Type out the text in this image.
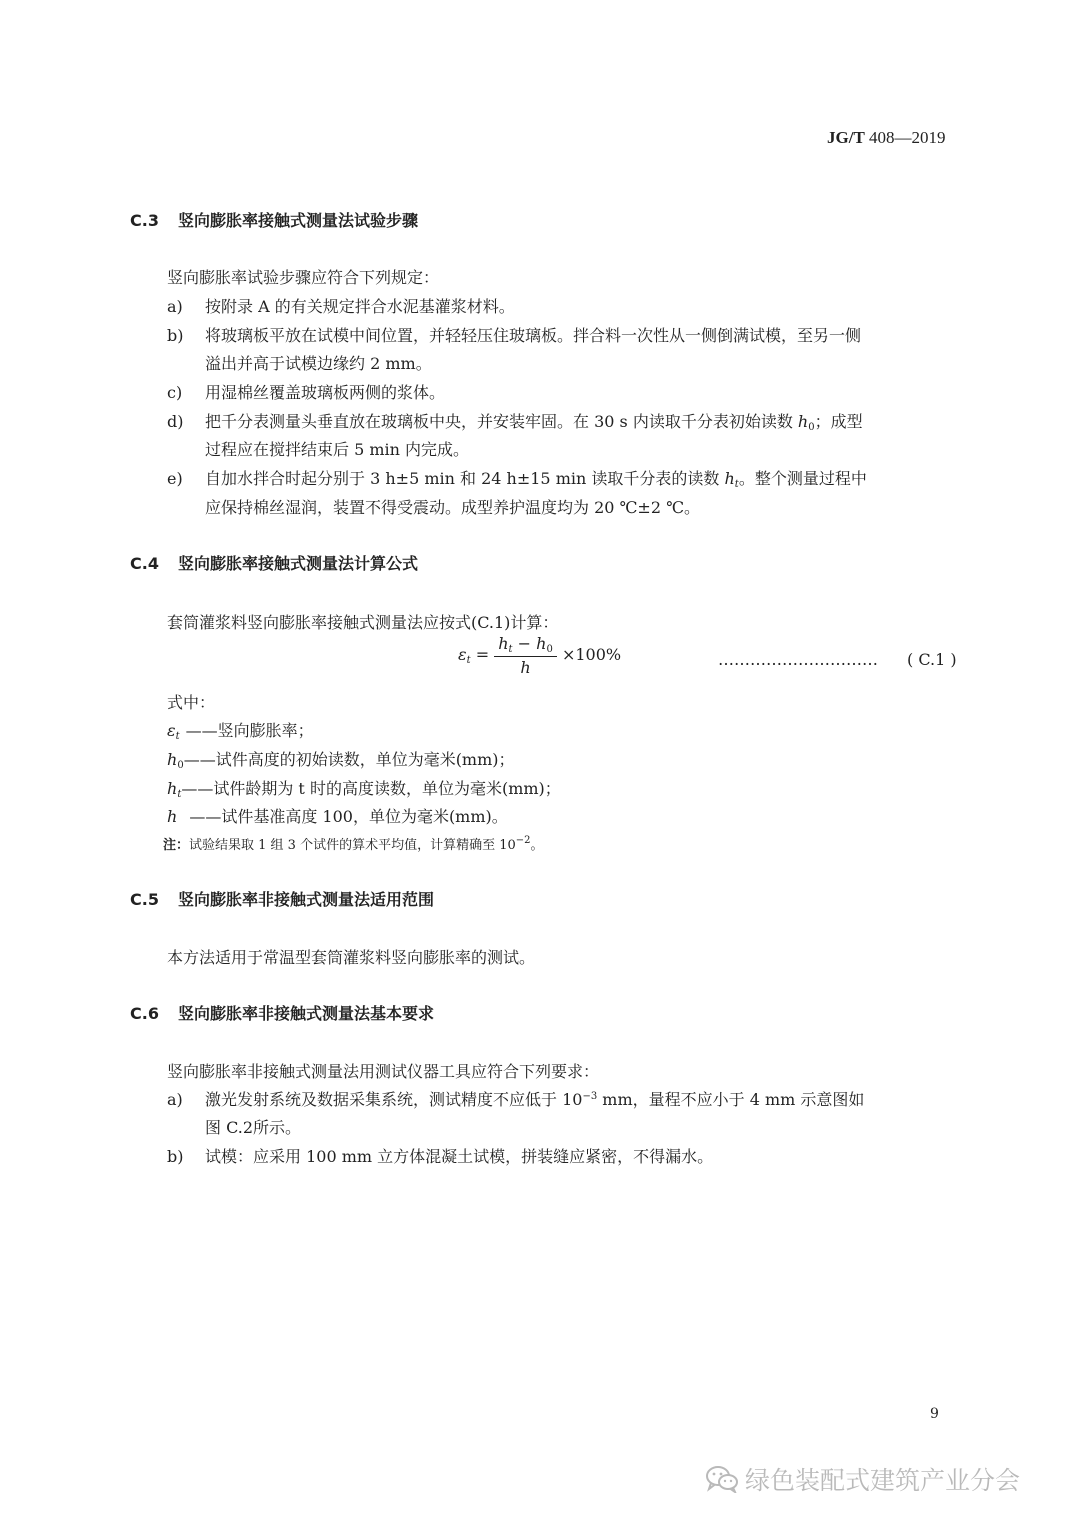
JG/T 408—2019
C.3 竖向膨胀率接触式测量法试验步骤
竖向膨胀率试验步骤应符合下列规定：
a) 按附录 A 的有关规定拌合水泥基灌浆材料。
b) 将玻璃板平放在试模中间位置，并轻轻压住玻璃板。拌合料一次性从一侧倒满试模，至另一侧
溢出并高于试模边缘约 2 mm。
c) 用湿棉丝覆盖玻璃板两侧的浆体。
d) 把千分表测量头垂直放在玻璃板中央，并安装牢固。在 30 s 内读取千分表初始读数 $h_0$；成型
过程应在搅拌结束后 5 min 内完成。
e) 自加水拌合时起分别于 3 h±5 min 和 24 h±15 min 读取千分表的读数 $h_t$。整个测量过程中
应保持棉丝湿润，装置不得受震动。成型养护温度均为 20 ℃±2 ℃。
C.4 竖向膨胀率接触式测量法计算公式
套筒灌浆料竖向膨胀率接触式测量法应按式(C.1)计算：
$\varepsilon_t = \frac{h_t - h_0}{h} \times 100\%$	………………………… ( C.1 )
式中：
$\varepsilon_t$ ——竖向膨胀率；
$h_0——$试件高度的初始读数，单位为毫米(mm)；
$h_t——$试件龄期为 t 时的高度读数，单位为毫米(mm)；
h ——试件基准高度 100，单位为毫米(mm)。
注：试验结果取 1 组 3 个试件的算术平均值，计算精确至 $10^{-2}$。
C.5 竖向膨胀率非接触式测量法适用范围
本方法适用于常温型套筒灌浆料竖向膨胀率的测试。
C.6 竖向膨胀率非接触式测量法基本要求
竖向膨胀率非接触式测量法用测试仪器工具应符合下列要求：
a) 激光发射系统及数据采集系统，测试精度不应低于 $10^{-3}$ mm，量程不应小于 4 mm 示意图如
图 C.2所示。
b) 试模：应采用 100 mm 立方体混凝土试模，拼装缝应紧密，不得漏水。
9
绿色装配式建筑产业分会
